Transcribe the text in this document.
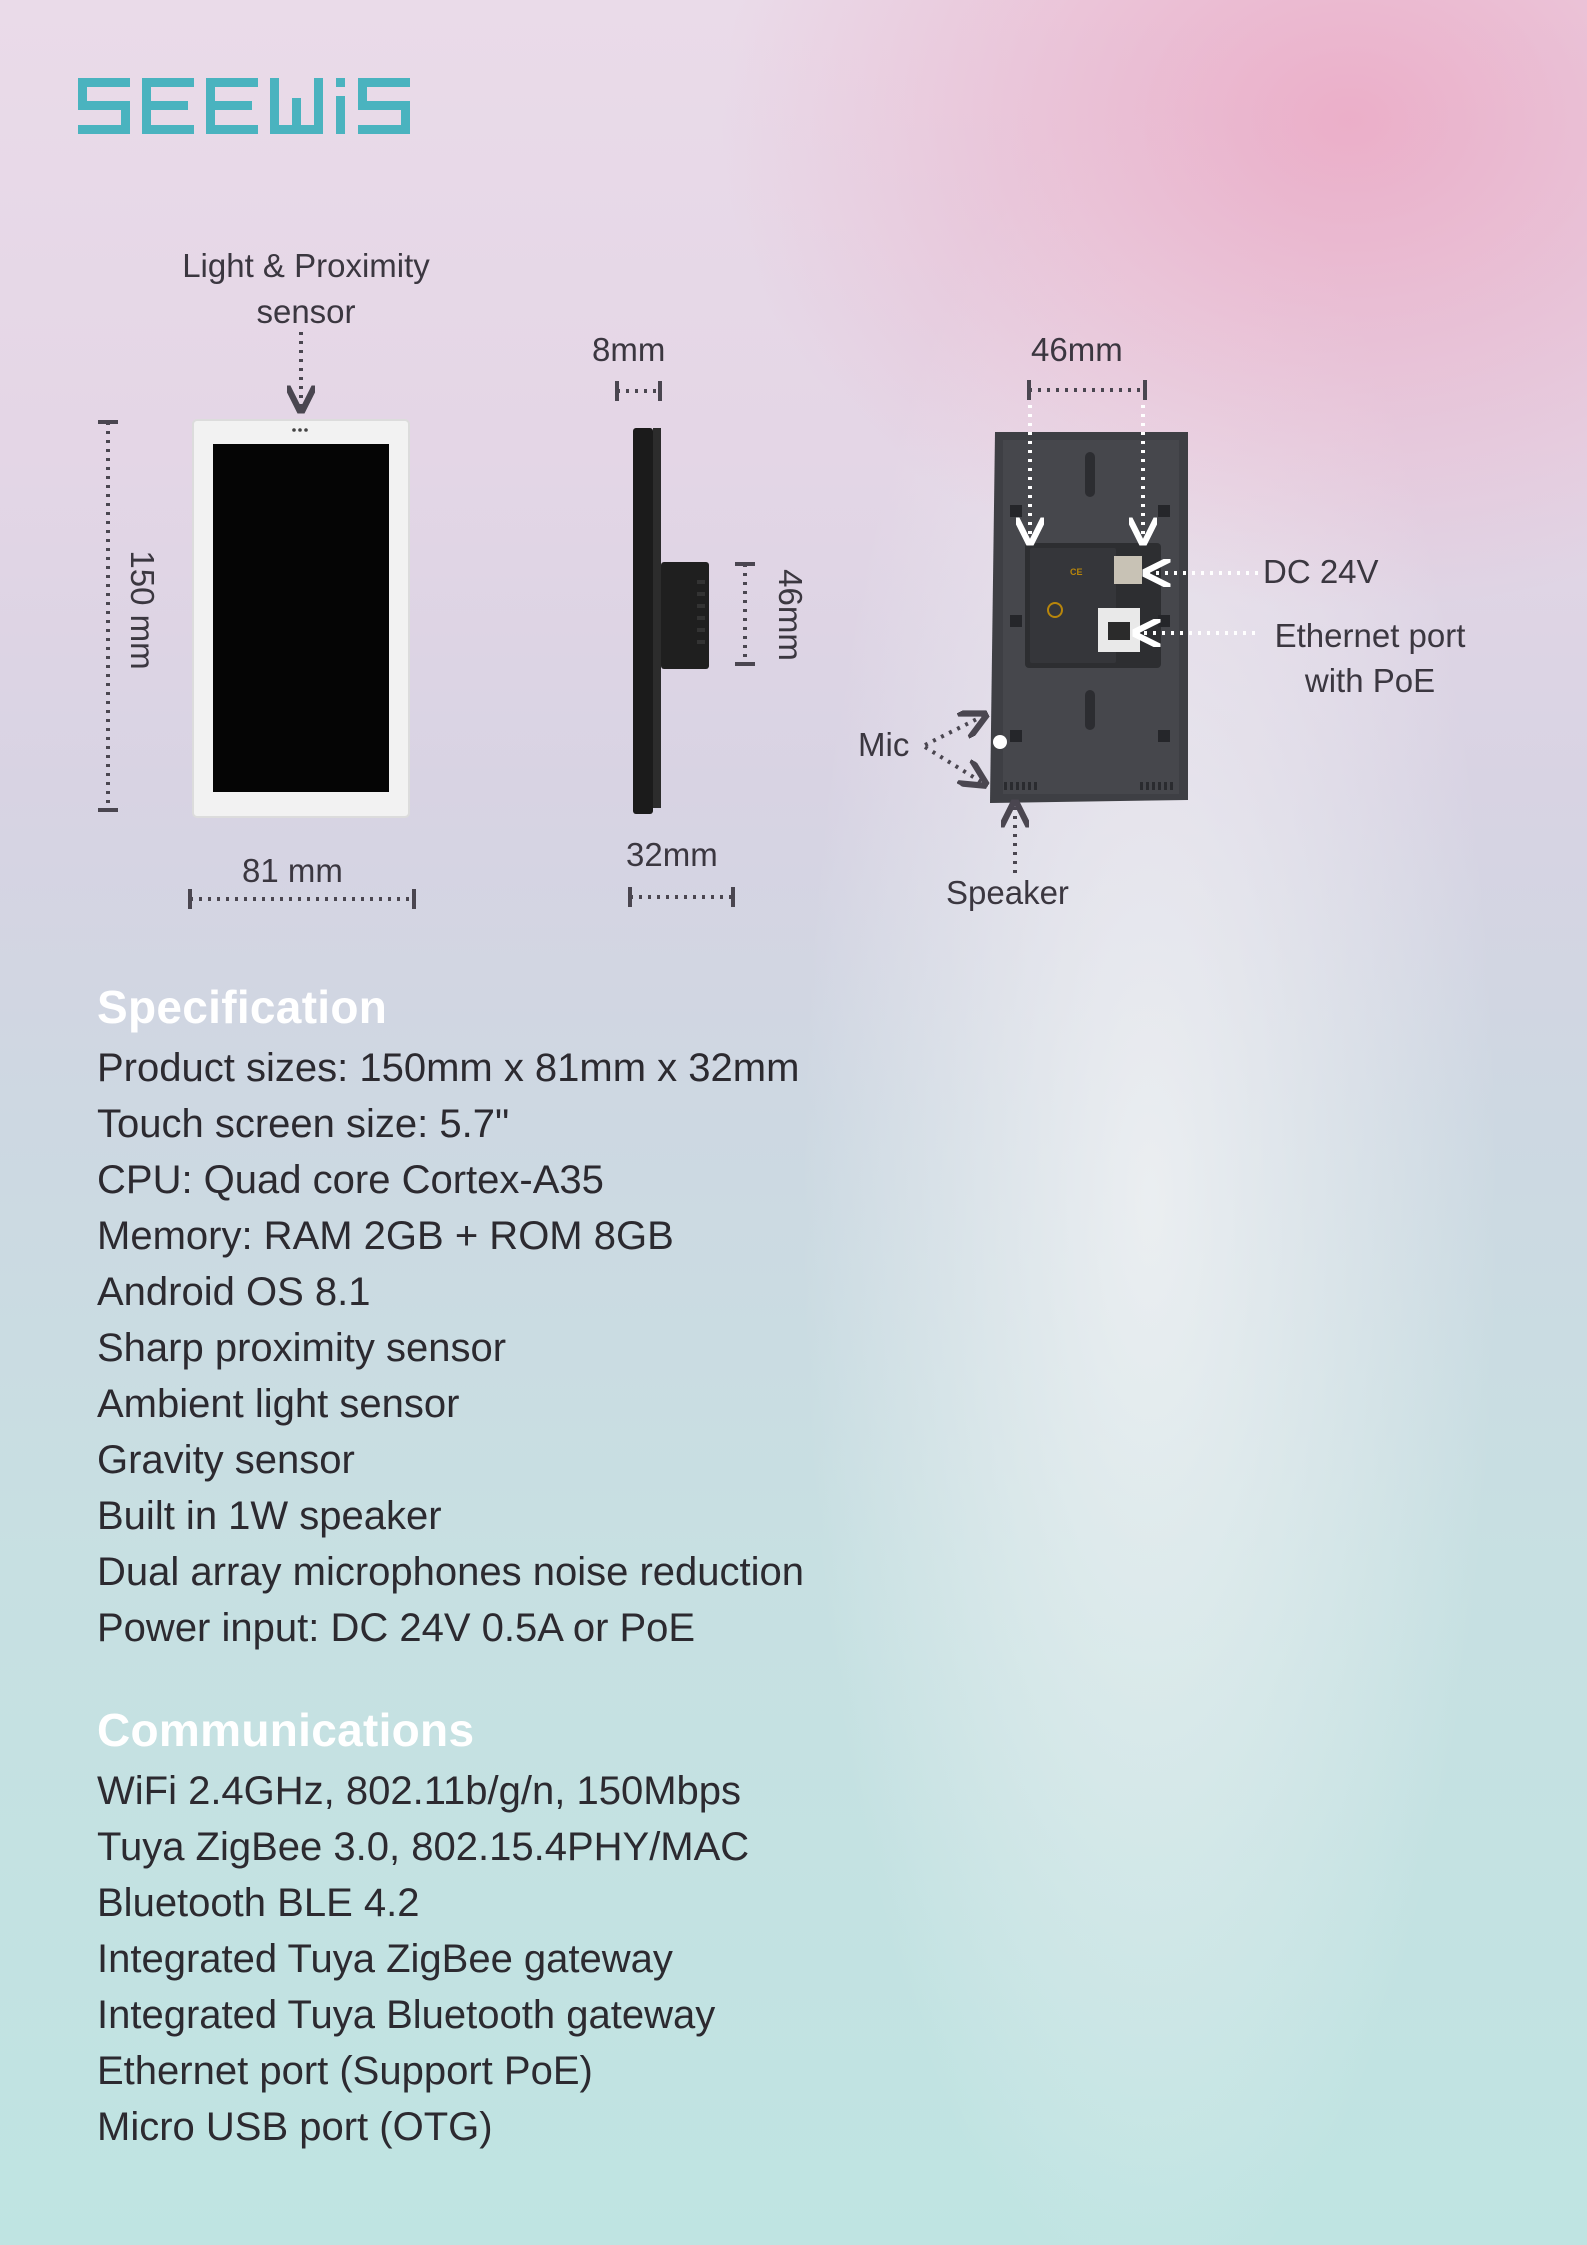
CE
Light & Proximity
sensor
150 mm
81 mm
8mm
46mm
32mm
46mm
DC 24V
Ethernet port
with PoE
Mic
Speaker
Specification

Product sizes: 150mm x 81mm x 32mm

Touch screen size: 5.7"

CPU: Quad core Cortex-A35

Memory: RAM 2GB + ROM 8GB

Android OS 8.1

Sharp proximity sensor

Ambient light sensor

Gravity sensor

Built in 1W speaker

Dual array microphones noise reduction

Power input: DC 24V 0.5A or PoE

Communications

WiFi 2.4GHz, 802.11b/g/n, 150Mbps

Tuya ZigBee 3.0, 802.15.4PHY/MAC

Bluetooth BLE 4.2

Integrated Tuya ZigBee gateway

Integrated Tuya Bluetooth gateway

Ethernet port (Support PoE)

Micro USB port (OTG)
